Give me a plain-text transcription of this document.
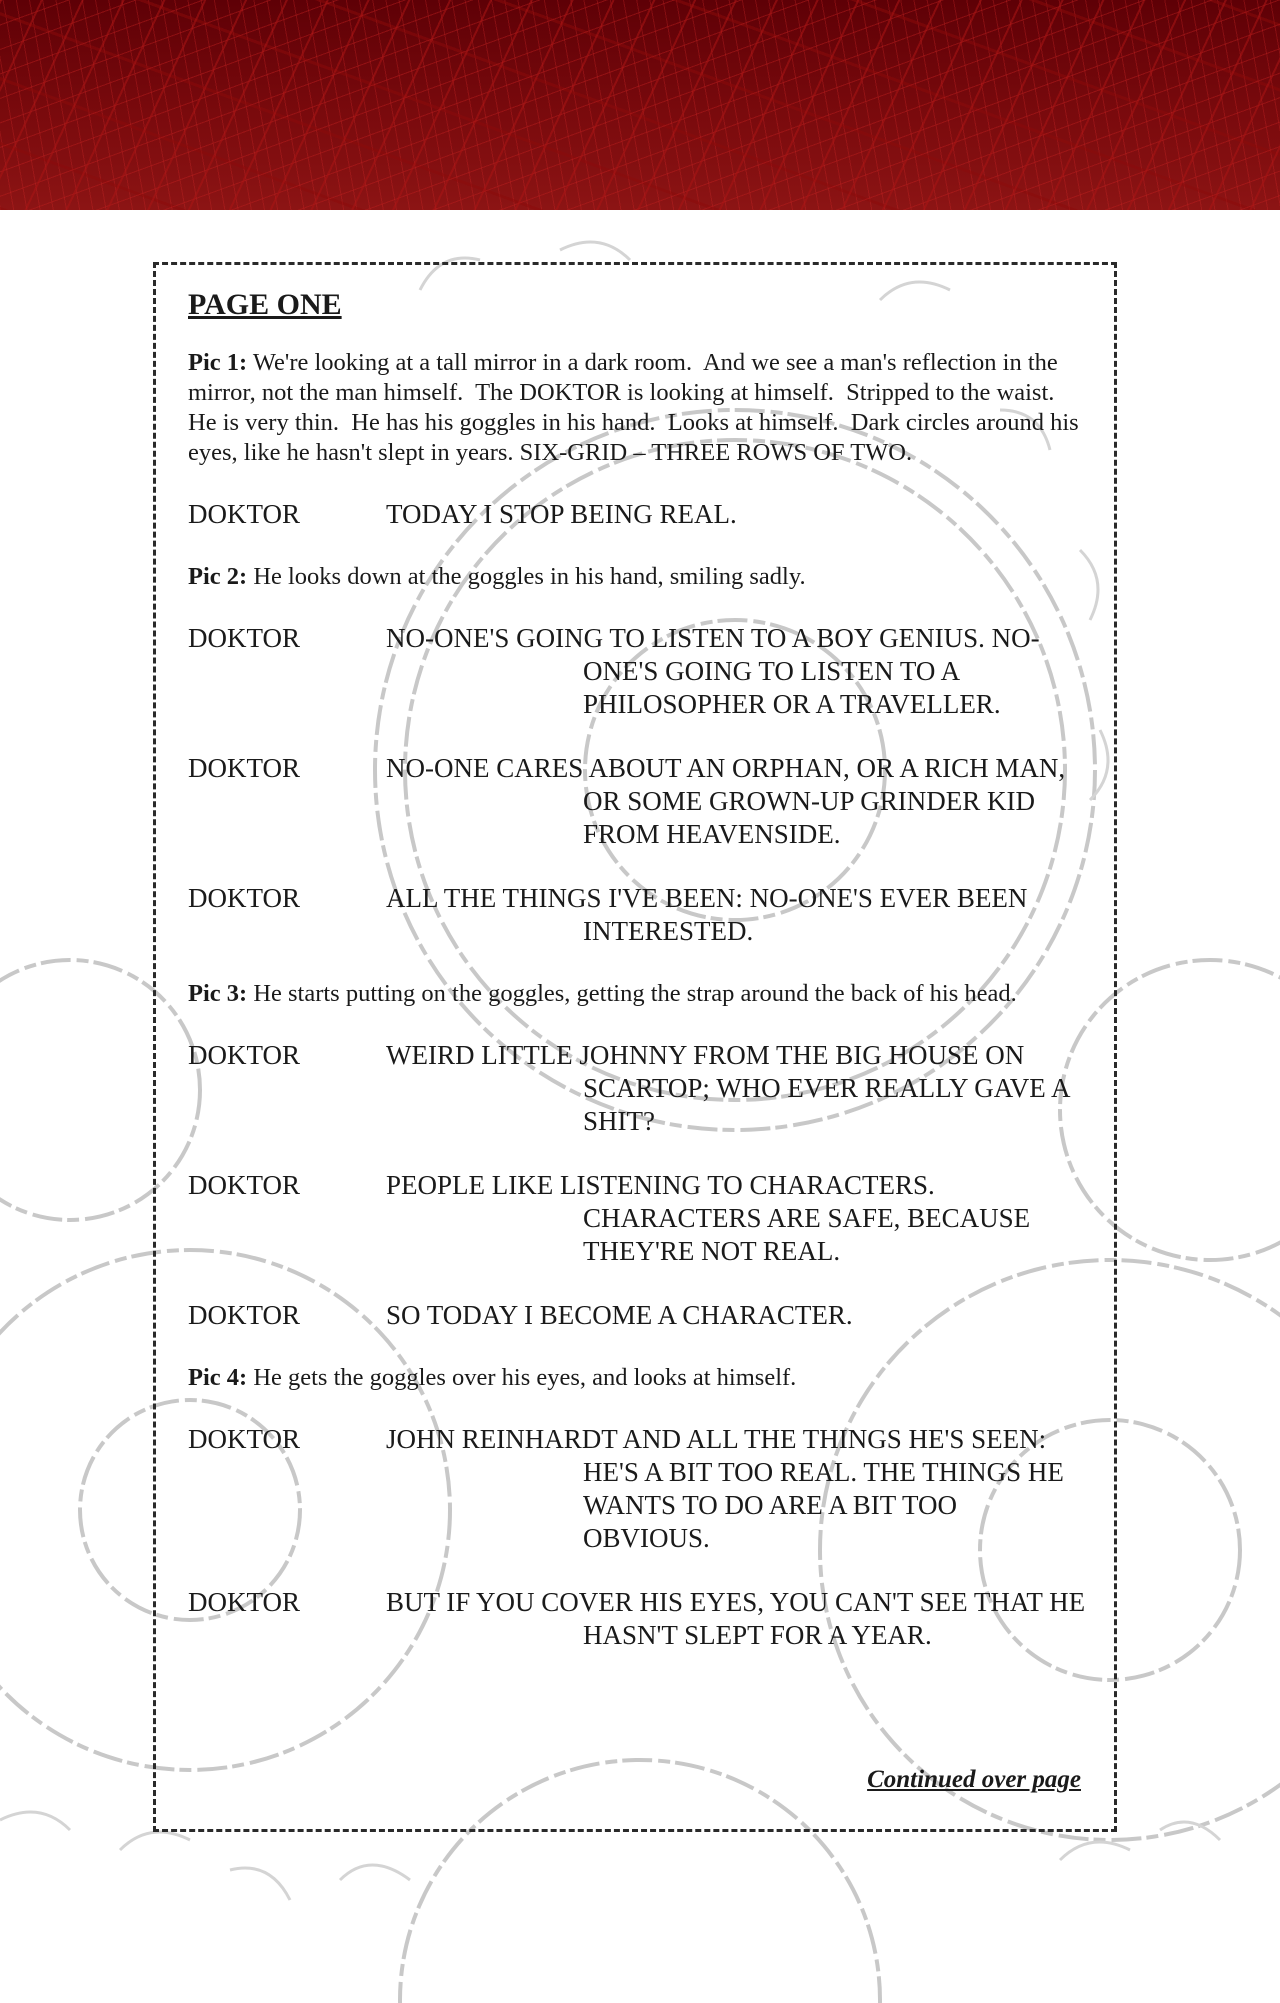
PAGE ONE
Pic 1: We're looking at a tall mirror in a dark room.  And we see a man's reflection in the mirror, not the man himself.  The DOKTOR is looking at himself.  Stripped to the waist.  He is very thin.  He has his goggles in his hand.  Looks at himself.  Dark circles around his eyes, like he hasn't slept in years. SIX-GRID – THREE ROWS OF TWO.
DOKTOR	TODAY I STOP BEING REAL.
Pic 2: He looks down at the goggles in his hand, smiling sadly.
DOKTOR	NO-ONE'S GOING TO LISTEN TO A BOY GENIUS. NO-ONE'S GOING TO LISTEN TO A PHILOSOPHER OR A TRAVELLER.
DOKTOR	NO-ONE CARES ABOUT AN ORPHAN, OR A RICH MAN, OR SOME GROWN-UP GRINDER KID FROM HEAVENSIDE.
DOKTOR	ALL THE THINGS I'VE BEEN: NO-ONE'S EVER BEEN INTERESTED.
Pic 3: He starts putting on the goggles, getting the strap around the back of his head.
DOKTOR	WEIRD LITTLE JOHNNY FROM THE BIG HOUSE ON SCARTOP; WHO EVER REALLY GAVE A SHIT?
DOKTOR	PEOPLE LIKE LISTENING TO CHARACTERS. CHARACTERS ARE SAFE, BECAUSE THEY'RE NOT REAL.
DOKTOR	SO TODAY I BECOME A CHARACTER.
Pic 4: He gets the goggles over his eyes, and looks at himself.
DOKTOR	JOHN REINHARDT AND ALL THE THINGS HE'S SEEN: HE'S A BIT TOO REAL. THE THINGS HE WANTS TO DO ARE A BIT TOO OBVIOUS.
DOKTOR	BUT IF YOU COVER HIS EYES, YOU CAN'T SEE THAT HE HASN'T SLEPT FOR A YEAR.
Continued over page
